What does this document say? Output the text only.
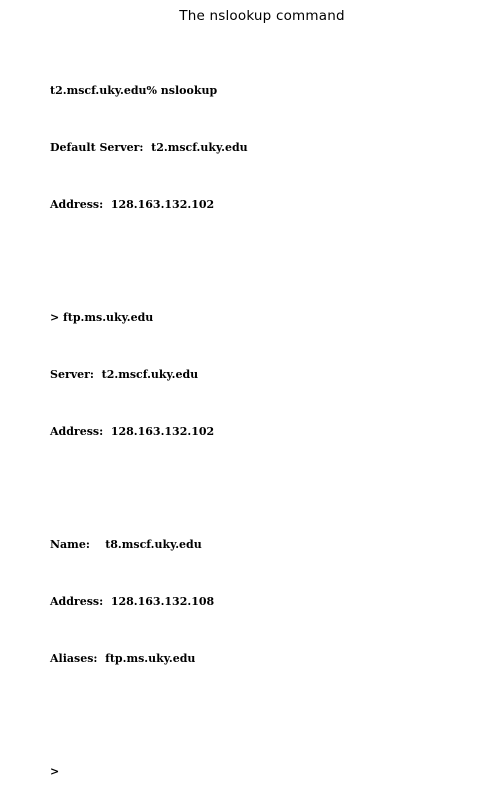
The nslookup command

t2.mscf.uky.edu% nslookup

Default Server:  t2.mscf.uky.edu

Address:  128.163.132.102

> ftp.ms.uky.edu

Server:  t2.mscf.uky.edu

Address:  128.163.132.102

Name:    t8.mscf.uky.edu

Address:  128.163.132.108

Aliases:  ftp.ms.uky.edu

>
